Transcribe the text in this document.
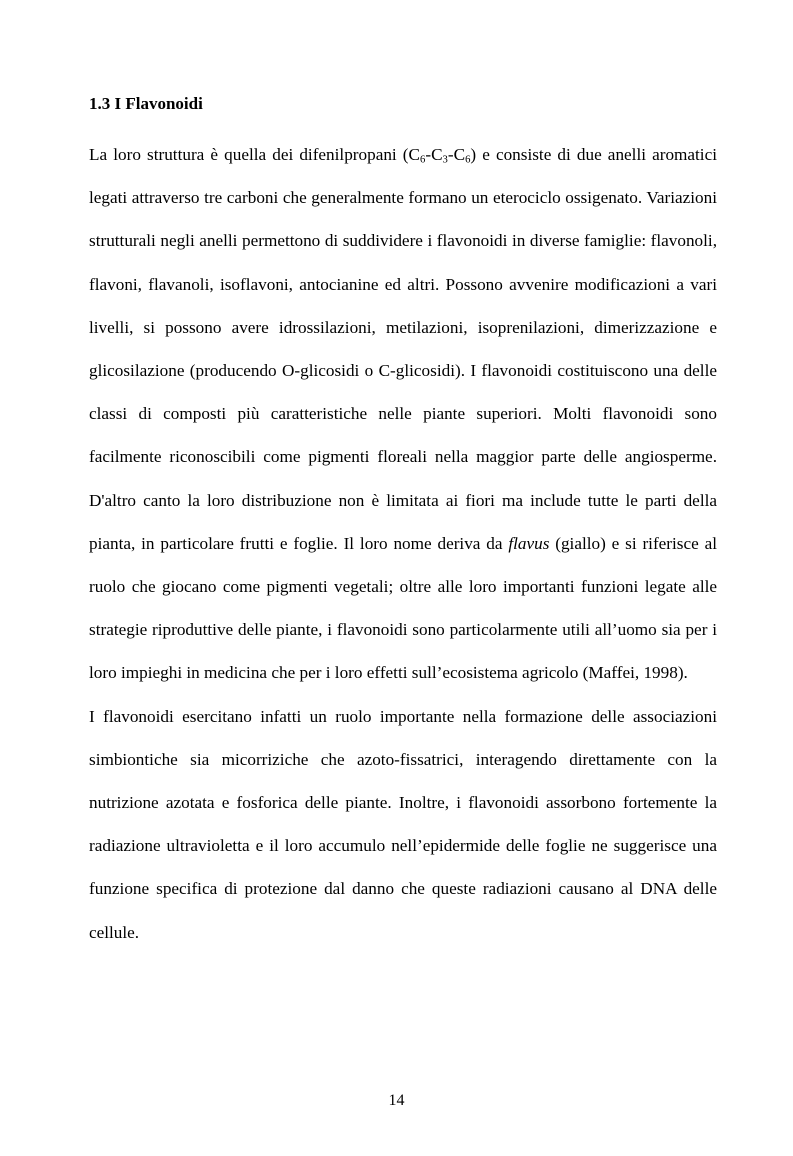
1.3 I Flavonoidi

La loro struttura è quella dei difenilpropani $(C_6-C_3-C_6)$ e consiste di due anelli aromatici legati attraverso tre carboni che generalmente formano un eterociclo ossigenato. Variazioni strutturali negli anelli permettono di suddividere i flavonoidi in diverse famiglie: flavonoli, flavoni, flavanoli, isoflavoni, antocianine ed altri. Possono avvenire modificazioni a vari livelli, si possono avere idrossilazioni, metilazioni, isoprenilazioni, dimerizzazione e glicosilazione (producendo O-glicosidi o C-glicosidi). I flavonoidi costituiscono una delle classi di composti più caratteristiche nelle piante superiori. Molti flavonoidi sono facilmente riconoscibili come pigmenti floreali nella maggior parte delle angiosperme. D'altro canto la loro distribuzione non è limitata ai fiori ma include tutte le parti della pianta, in particolare frutti e foglie. Il loro nome deriva da flavus (giallo) e si riferisce al ruolo che giocano come pigmenti vegetali; oltre alle loro importanti funzioni legate alle strategie riproduttive delle piante, i flavonoidi sono particolarmente utili all’uomo sia per i loro impieghi in medicina che per i loro effetti sull’ecosistema agricolo (Maffei, 1998).

I flavonoidi esercitano infatti un ruolo importante nella formazione delle associazioni simbiontiche sia micorriziche che azoto-fissatrici, interagendo direttamente con la nutrizione azotata e fosforica delle piante. Inoltre, i flavonoidi assorbono fortemente la radiazione ultravioletta e il loro accumulo nell’epidermide delle foglie ne suggerisce una funzione specifica di protezione dal danno che queste radiazioni causano al DNA delle cellule.

14
